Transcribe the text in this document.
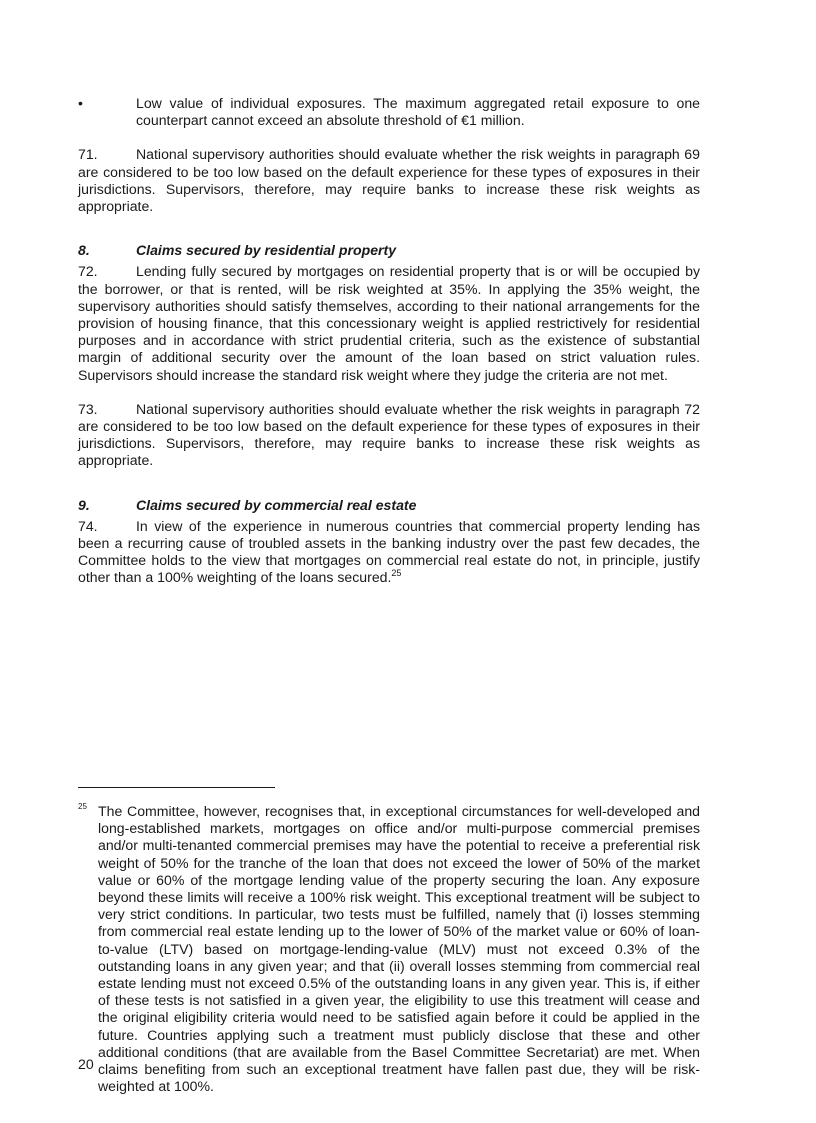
•	Low value of individual exposures. The maximum aggregated retail exposure to one counterpart cannot exceed an absolute threshold of €1 million.

71.	National supervisory authorities should evaluate whether the risk weights in paragraph 69 are considered to be too low based on the default experience for these types of exposures in their jurisdictions. Supervisors, therefore, may require banks to increase these risk weights as appropriate.

8.	Claims secured by residential property

72.	Lending fully secured by mortgages on residential property that is or will be occupied by the borrower, or that is rented, will be risk weighted at 35%. In applying the 35% weight, the supervisory authorities should satisfy themselves, according to their national arrangements for the provision of housing finance, that this concessionary weight is applied restrictively for residential purposes and in accordance with strict prudential criteria, such as the existence of substantial margin of additional security over the amount of the loan based on strict valuation rules. Supervisors should increase the standard risk weight where they judge the criteria are not met.

73.	National supervisory authorities should evaluate whether the risk weights in paragraph 72 are considered to be too low based on the default experience for these types of exposures in their jurisdictions. Supervisors, therefore, may require banks to increase these risk weights as appropriate.

9.	Claims secured by commercial real estate

74.	In view of the experience in numerous countries that commercial property lending has been a recurring cause of troubled assets in the banking industry over the past few decades, the Committee holds to the view that mortgages on commercial real estate do not, in principle, justify other than a 100% weighting of the loans secured.$^{25}$

25 The Committee, however, recognises that, in exceptional circumstances for well-developed and long-established markets, mortgages on office and/or multi-purpose commercial premises and/or multi-tenanted commercial premises may have the potential to receive a preferential risk weight of 50% for the tranche of the loan that does not exceed the lower of 50% of the market value or 60% of the mortgage lending value of the property securing the loan. Any exposure beyond these limits will receive a 100% risk weight. This exceptional treatment will be subject to very strict conditions. In particular, two tests must be fulfilled, namely that (i) losses stemming from commercial real estate lending up to the lower of 50% of the market value or 60% of loan-to-value (LTV) based on mortgage-lending-value (MLV) must not exceed 0.3% of the outstanding loans in any given year; and that (ii) overall losses stemming from commercial real estate lending must not exceed 0.5% of the outstanding loans in any given year. This is, if either of these tests is not satisfied in a given year, the eligibility to use this treatment will cease and the original eligibility criteria would need to be satisfied again before it could be applied in the future. Countries applying such a treatment must publicly disclose that these and other additional conditions (that are available from the Basel Committee Secretariat) are met. When claims benefiting from such an exceptional treatment have fallen past due, they will be risk-weighted at 100%.

20
